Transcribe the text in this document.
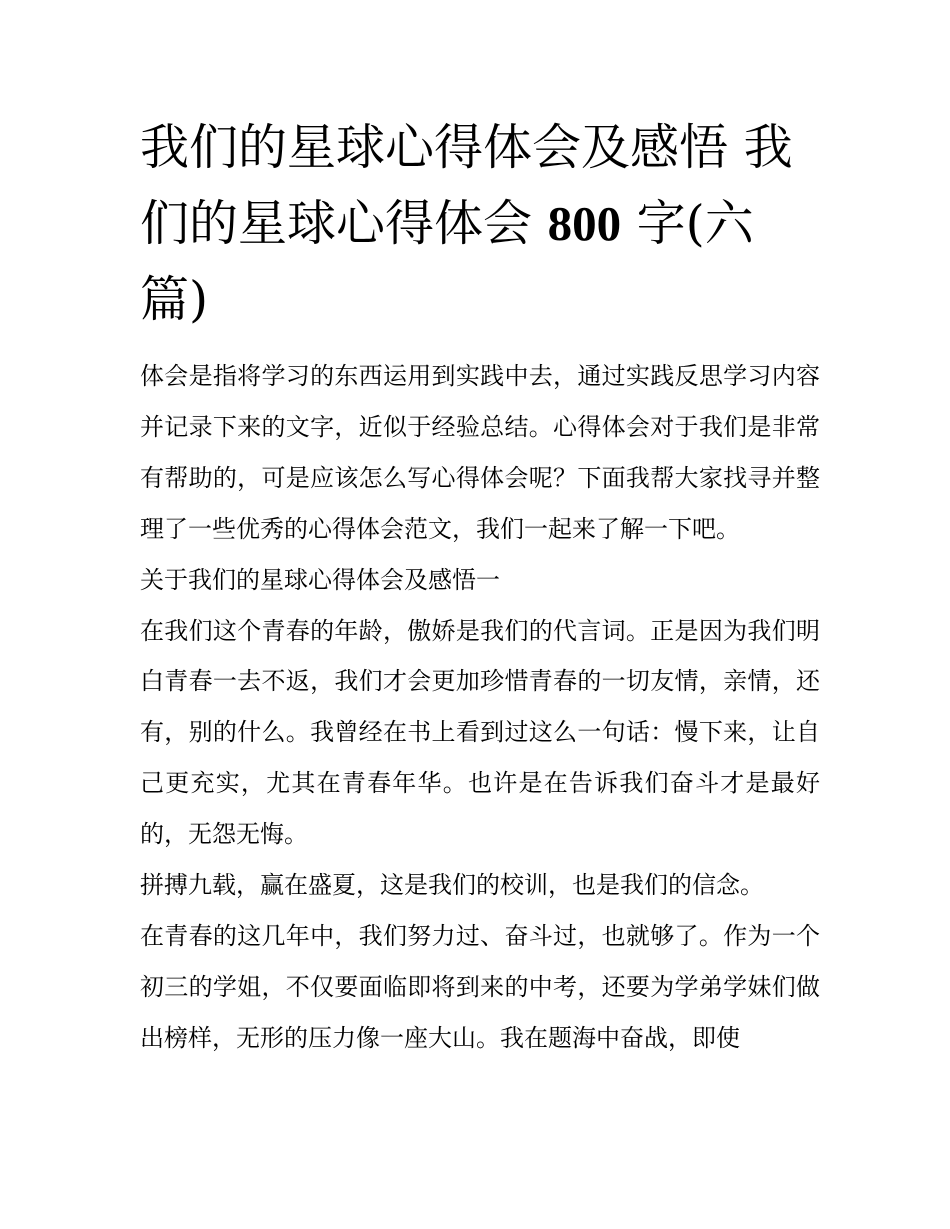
我们的星球心得体会及感悟 我们的星球心得体会 800 字(六篇)

体会是指将学习的东西运用到实践中去，通过实践反思学习内容并记录下来的文字，近似于经验总结。心得体会对于我们是非常有帮助的，可是应该怎么写心得体会呢？下面我帮大家找寻并整理了一些优秀的心得体会范文，我们一起来了解一下吧。

关于我们的星球心得体会及感悟一

在我们这个青春的年龄，傲娇是我们的代言词。正是因为我们明白青春一去不返，我们才会更加珍惜青春的一切友情，亲情，还有，别的什么。我曾经在书上看到过这么一句话：慢下来，让自己更充实，尤其在青春年华。也许是在告诉我们奋斗才是最好的，无怨无悔。

拼搏九载，赢在盛夏，这是我们的校训，也是我们的信念。

在青春的这几年中，我们努力过、奋斗过，也就够了。作为一个初三的学姐，不仅要面临即将到来的中考，还要为学弟学妹们做出榜样，无形的压力像一座大山。我在题海中奋战，即使
